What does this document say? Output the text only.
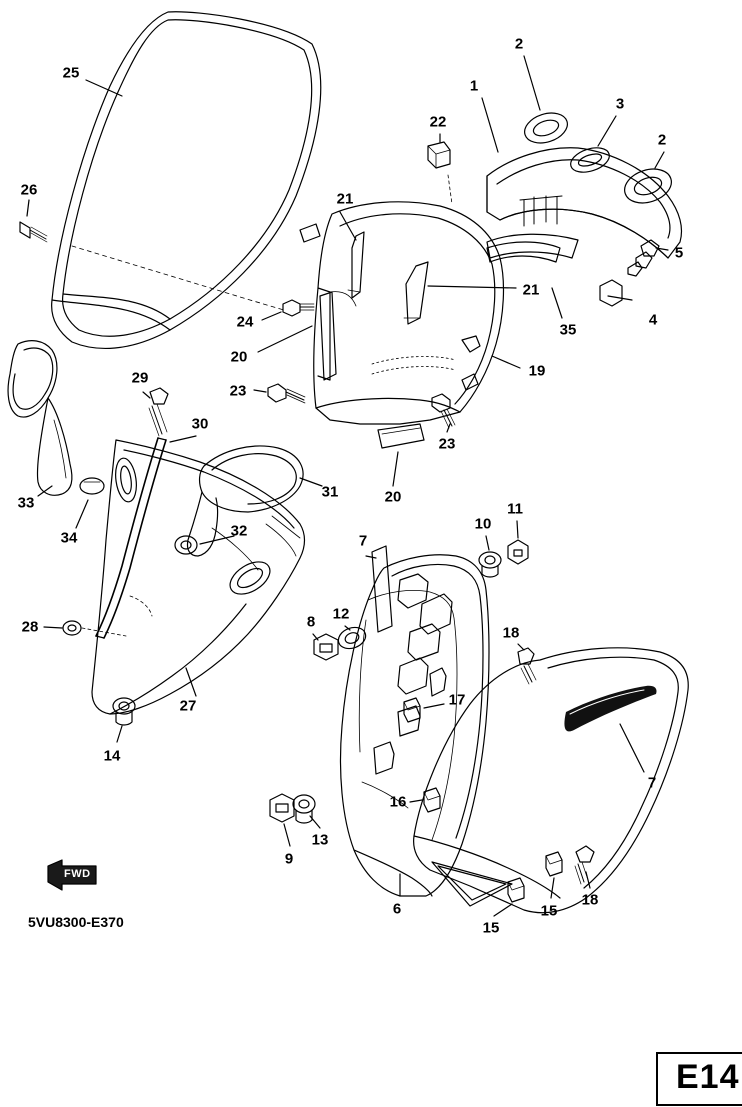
25
26
22
1
2
3
2
5
4
35
21
21
19
24
20
23
23
20
29
30
31
33
34	32
28
27
14
7
10
11
12
8
18
17
7
16
13
9
6
15
15
18
FWD
5VU8300-E370
E14
